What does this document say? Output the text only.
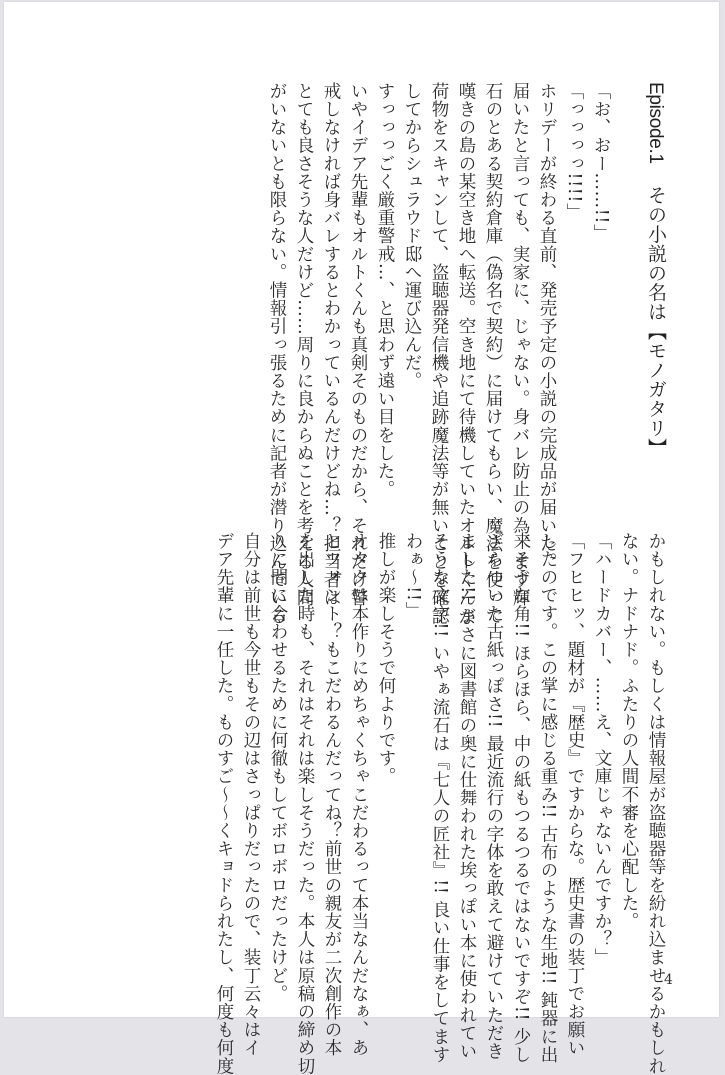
Episode.1 その小説の名は【モノガタリ】
「お、おー……!!」
「っっっっ!!!!」
ホリデーが終わる直前、発売予定の小説の完成品が届いた。
届いたと言っても、実家に、じゃない。身バレ防止の為、まず輝
石のとある契約倉庫（偽名で契約）に届けてもらい、魔法を使って
嘆きの島の某空き地へ転送。空き地にて待機していたオルトくんが
荷物をスキャンして、盗聴器発信機や追跡魔法等が無いことを確認
してからシュラウド邸へ運び込んだ。
すっっっごく厳重警戒…、と思わず遠い目をした。
いやイデア先輩もオルトくんも真剣そのものだから、それだけ警
戒しなければ身バレするとわかっているんだけどね…？担当者は
とても良さそうな人だけど……周りに良からぬことを考える人間
がいないとも限らない。情報引っ張るために記者が潜り込んでいる
かもしれない。もしくは情報屋が盗聴器等を紛れ込ませるかもしれ
ない。ナドナド。ふたりの人間不審を心配した。
「ハードカバー、……え、文庫じゃないんですか？」
「フヒヒッ、題材が『歴史』ですからな。歴史書の装丁でお願い
したのです。この掌に感じる重み!! 古布のような生地!! 鈍器に出
来そうな角!! ほらほら、中の紙もつるつるではないですぞ!! 少し
ざらついた古紙っぽさ!! 最近流行の字体を敢えて避けていただき
ました!! まさに図書館の奥に仕舞われた埃っぽい本に使われてい
そうな文字!! いやぁ流石は『七人の匠社』!! 良い仕事をしてます
わぁ〜!!」
推しが楽しそうで何よりです。
オタクは本作りにめちゃくちゃこだわるって本当なんだなぁ、あ
とフォント？もこだわるんだってね？前世の親友が二次創作の本
を出した時も、それはそれは楽しそうだった。本人は原稿の締め切
りに間に合わせるために何徹もしてボロボロだったけど。
自分は前世も今世もその辺はさっぱりだったので、装丁云々はイ
デア先輩に一任した。ものすご〜〜くキョドられたし、何度も何度	4
